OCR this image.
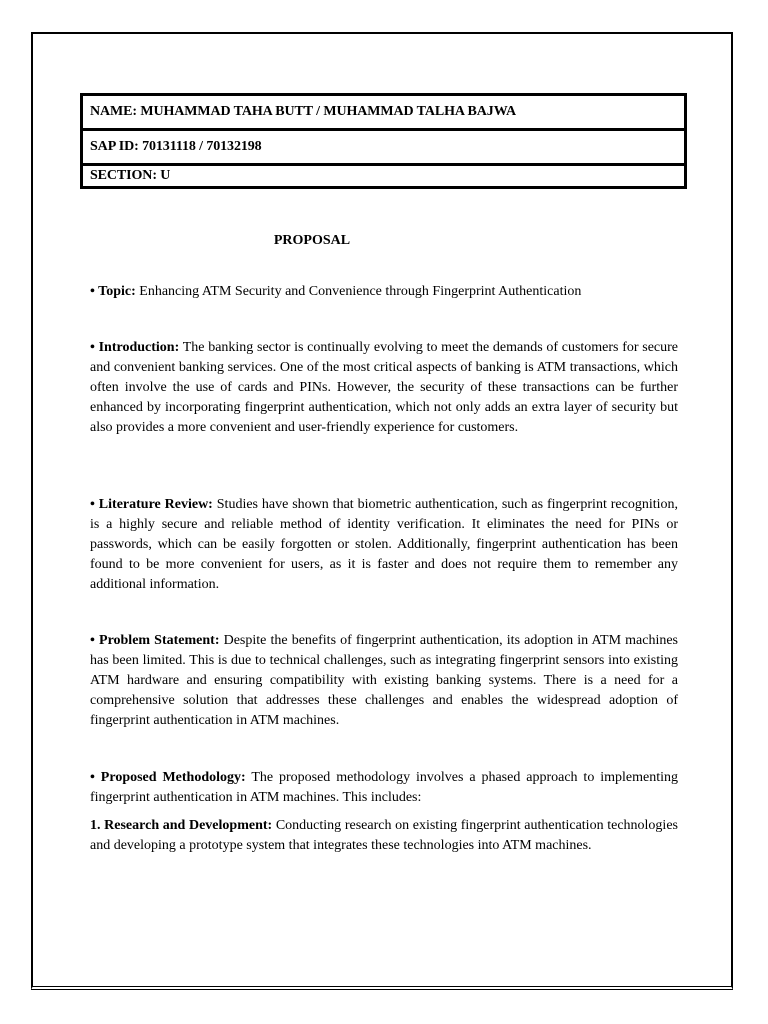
NAME: MUHAMMAD TAHA BUTT / MUHAMMAD TALHA BAJWA
SAP ID: 70131118 / 70132198
SECTION: U
PROPOSAL

• Topic: Enhancing ATM Security and Convenience through Fingerprint Authentication

• Introduction: The banking sector is continually evolving to meet the demands of customers for secure and convenient banking services. One of the most critical aspects of banking is ATM transactions, which often involve the use of cards and PINs. However, the security of these transactions can be further enhanced by incorporating fingerprint authentication, which not only adds an extra layer of security but also provides a more convenient and user-friendly experience for customers.

• Literature Review: Studies have shown that biometric authentication, such as fingerprint recognition, is a highly secure and reliable method of identity verification. It eliminates the need for PINs or passwords, which can be easily forgotten or stolen. Additionally, fingerprint authentication has been found to be more convenient for users, as it is faster and does not require them to remember any additional information.

• Problem Statement: Despite the benefits of fingerprint authentication, its adoption in ATM machines has been limited. This is due to technical challenges, such as integrating fingerprint sensors into existing ATM hardware and ensuring compatibility with existing banking systems. There is a need for a comprehensive solution that addresses these challenges and enables the widespread adoption of fingerprint authentication in ATM machines.

• Proposed Methodology: The proposed methodology involves a phased approach to implementing fingerprint authentication in ATM machines. This includes:

1. Research and Development: Conducting research on existing fingerprint authentication technologies and developing a prototype system that integrates these technologies into ATM machines.
